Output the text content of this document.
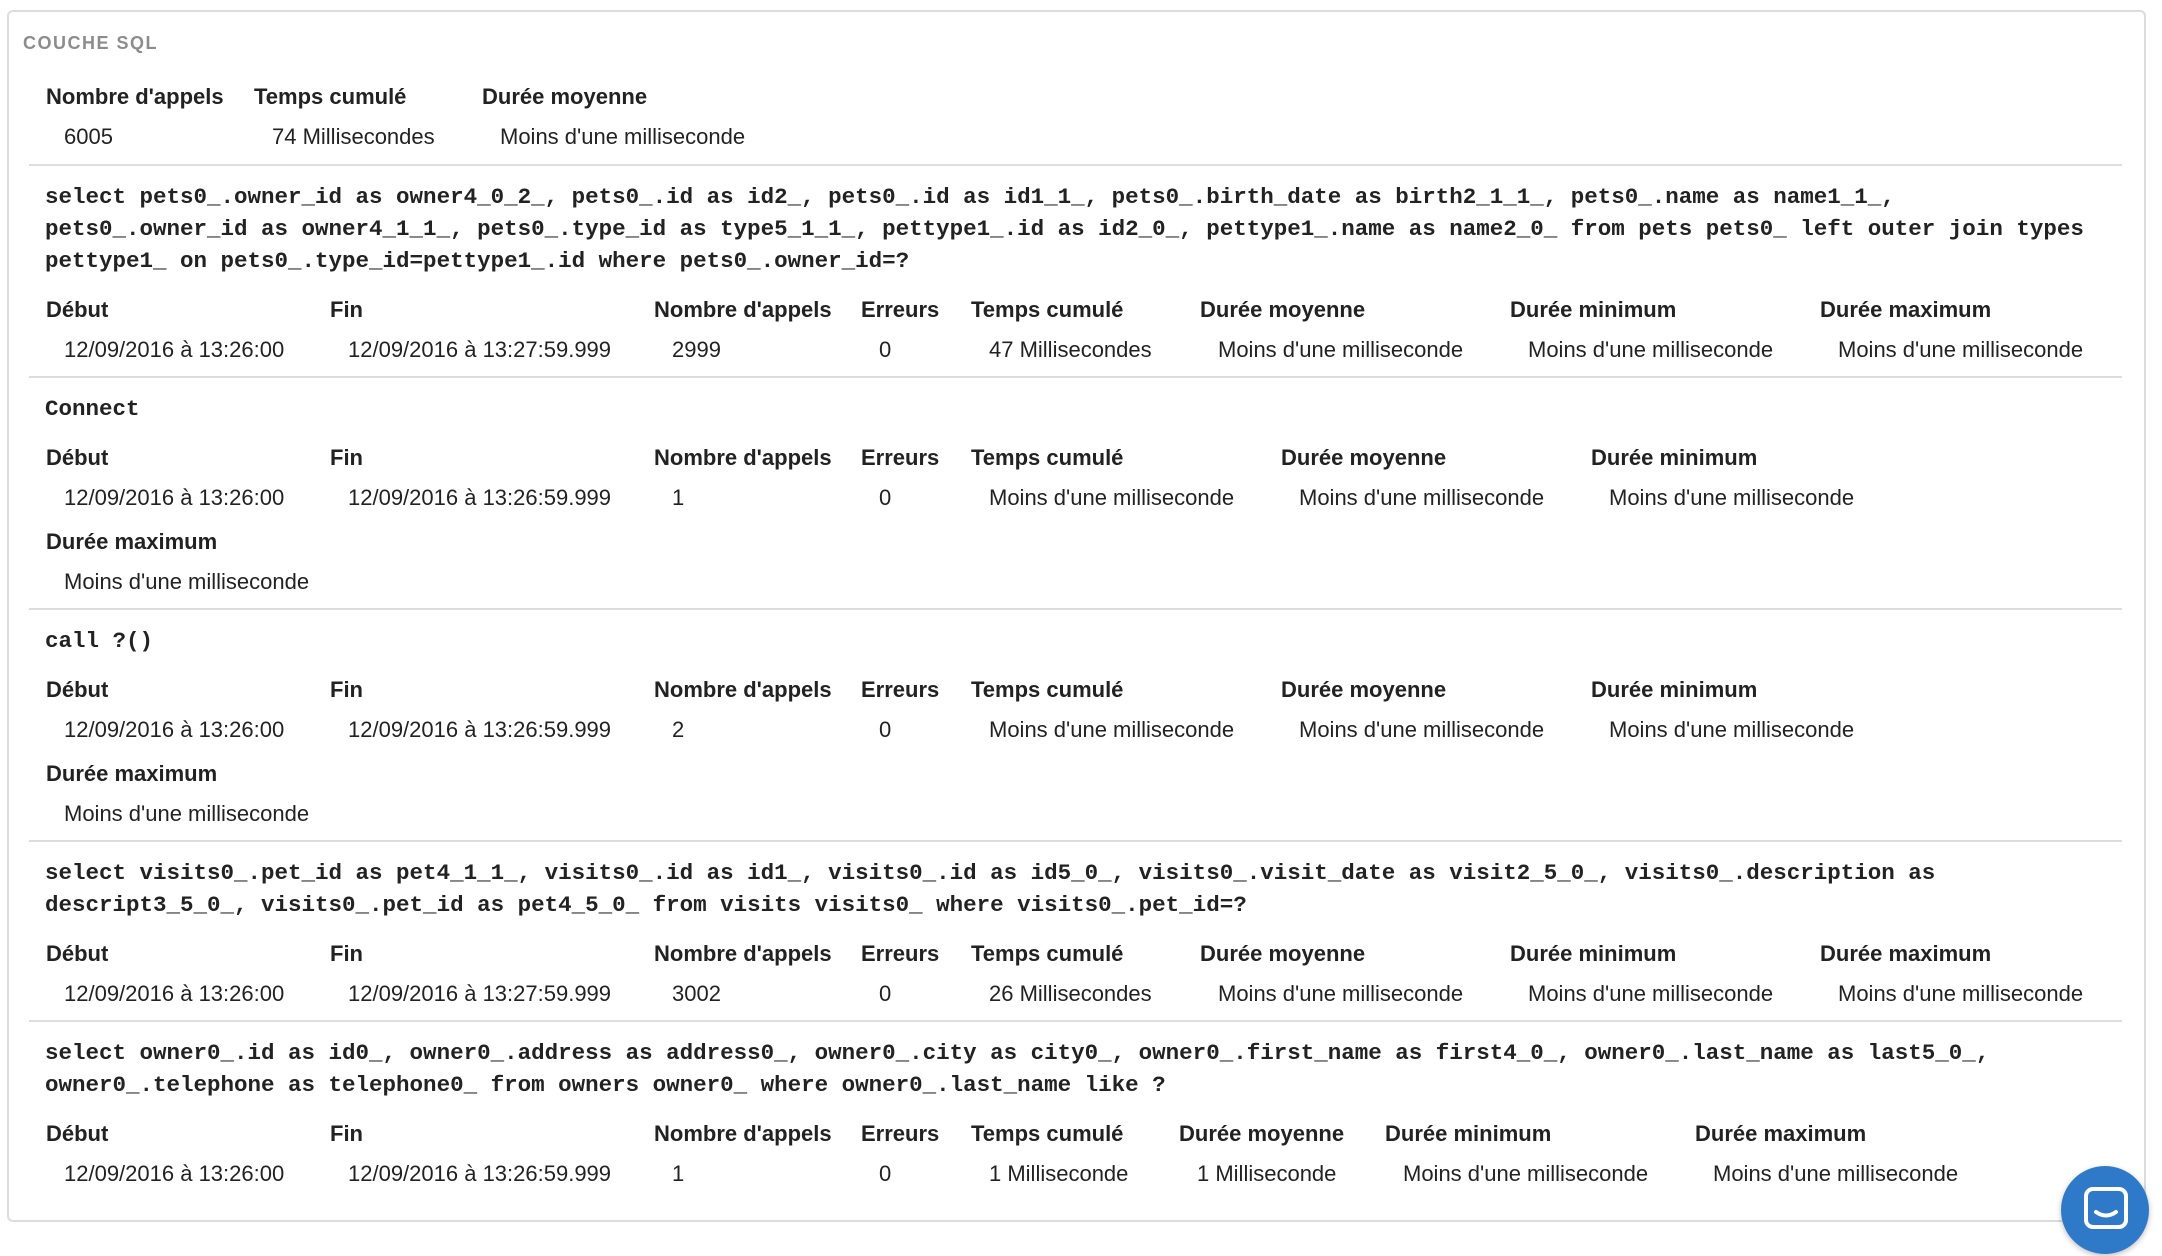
COUCHE SQL
Nombre d'appels
6005
Temps cumulé
74 Millisecondes
Durée moyenne
Moins d'une milliseconde
select pets0_.owner_id as owner4_0_2_, pets0_.id as id2_, pets0_.id as id1_1_, pets0_.birth_date as birth2_1_1_, pets0_.name as name1_1_,
pets0_.owner_id as owner4_1_1_, pets0_.type_id as type5_1_1_, pettype1_.id as id2_0_, pettype1_.name as name2_0_ from pets pets0_ left outer join types
pettype1_ on pets0_.type_id=pettype1_.id where pets0_.owner_id=?
Début
12/09/2016 à 13:26:00
Fin
12/09/2016 à 13:27:59.999
Nombre d'appels
2999
Erreurs
0
Temps cumulé
47 Millisecondes
Durée moyenne
Moins d'une milliseconde
Durée minimum
Moins d'une milliseconde
Durée maximum
Moins d'une milliseconde
Connect
Début
12/09/2016 à 13:26:00
Fin
12/09/2016 à 13:26:59.999
Nombre d'appels
1
Erreurs
0
Temps cumulé
Moins d'une milliseconde
Durée moyenne
Moins d'une milliseconde
Durée minimum
Moins d'une milliseconde
Durée maximum
Moins d'une milliseconde
call ?()
Début
12/09/2016 à 13:26:00
Fin
12/09/2016 à 13:26:59.999
Nombre d'appels
2
Erreurs
0
Temps cumulé
Moins d'une milliseconde
Durée moyenne
Moins d'une milliseconde
Durée minimum
Moins d'une milliseconde
Durée maximum
Moins d'une milliseconde
select visits0_.pet_id as pet4_1_1_, visits0_.id as id1_, visits0_.id as id5_0_, visits0_.visit_date as visit2_5_0_, visits0_.description as
descript3_5_0_, visits0_.pet_id as pet4_5_0_ from visits visits0_ where visits0_.pet_id=?
Début
12/09/2016 à 13:26:00
Fin
12/09/2016 à 13:27:59.999
Nombre d'appels
3002
Erreurs
0
Temps cumulé
26 Millisecondes
Durée moyenne
Moins d'une milliseconde
Durée minimum
Moins d'une milliseconde
Durée maximum
Moins d'une milliseconde
select owner0_.id as id0_, owner0_.address as address0_, owner0_.city as city0_, owner0_.first_name as first4_0_, owner0_.last_name as last5_0_,
owner0_.telephone as telephone0_ from owners owner0_ where owner0_.last_name like ?
Début
12/09/2016 à 13:26:00
Fin
12/09/2016 à 13:26:59.999
Nombre d'appels
1
Erreurs
0
Temps cumulé
1 Milliseconde
Durée moyenne
1 Milliseconde
Durée minimum
Moins d'une milliseconde
Durée maximum
Moins d'une milliseconde
